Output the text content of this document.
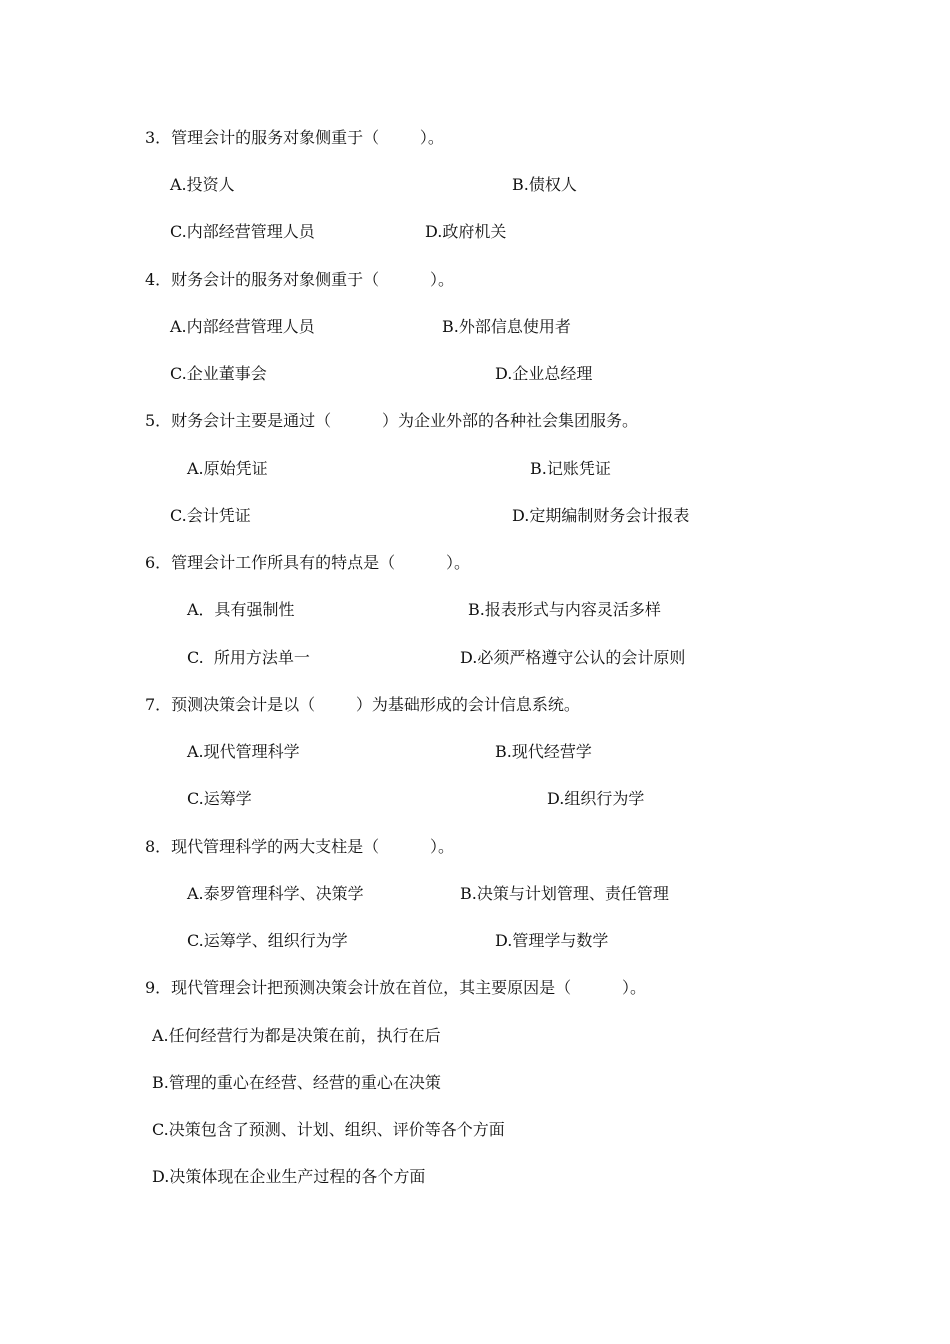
3．管理会计的服务对象侧重于（        ）。
A.投资人	B.债权人
C.内部经营管理人员	D.政府机关
4．财务会计的服务对象侧重于（          ）。
A.内部经营管理人员	B.外部信息使用者
C.企业董事会	D.企业总经理
5．财务会计主要是通过（          ）为企业外部的各种社会集团服务。
A.原始凭证	B.记账凭证
C.会计凭证	D.定期编制财务会计报表
6．管理会计工作所具有的特点是（          ）。
A．具有强制性	B.报表形式与内容灵活多样
C.  所用方法单一	D.必须严格遵守公认的会计原则
7．预测决策会计是以（        ）为基础形成的会计信息系统。
A.现代管理科学	B.现代经营学
C.运筹学	D.组织行为学
8．现代管理科学的两大支柱是（          ）。
A.泰罗管理科学、决策学	B.决策与计划管理、责任管理
C.运筹学、组织行为学	D.管理学与数学
9．现代管理会计把预测决策会计放在首位，其主要原因是（          ）。
A.任何经营行为都是决策在前，执行在后
B.管理的重心在经营、经营的重心在决策
C.决策包含了预测、计划、组织、评价等各个方面
D.决策体现在企业生产过程的各个方面
